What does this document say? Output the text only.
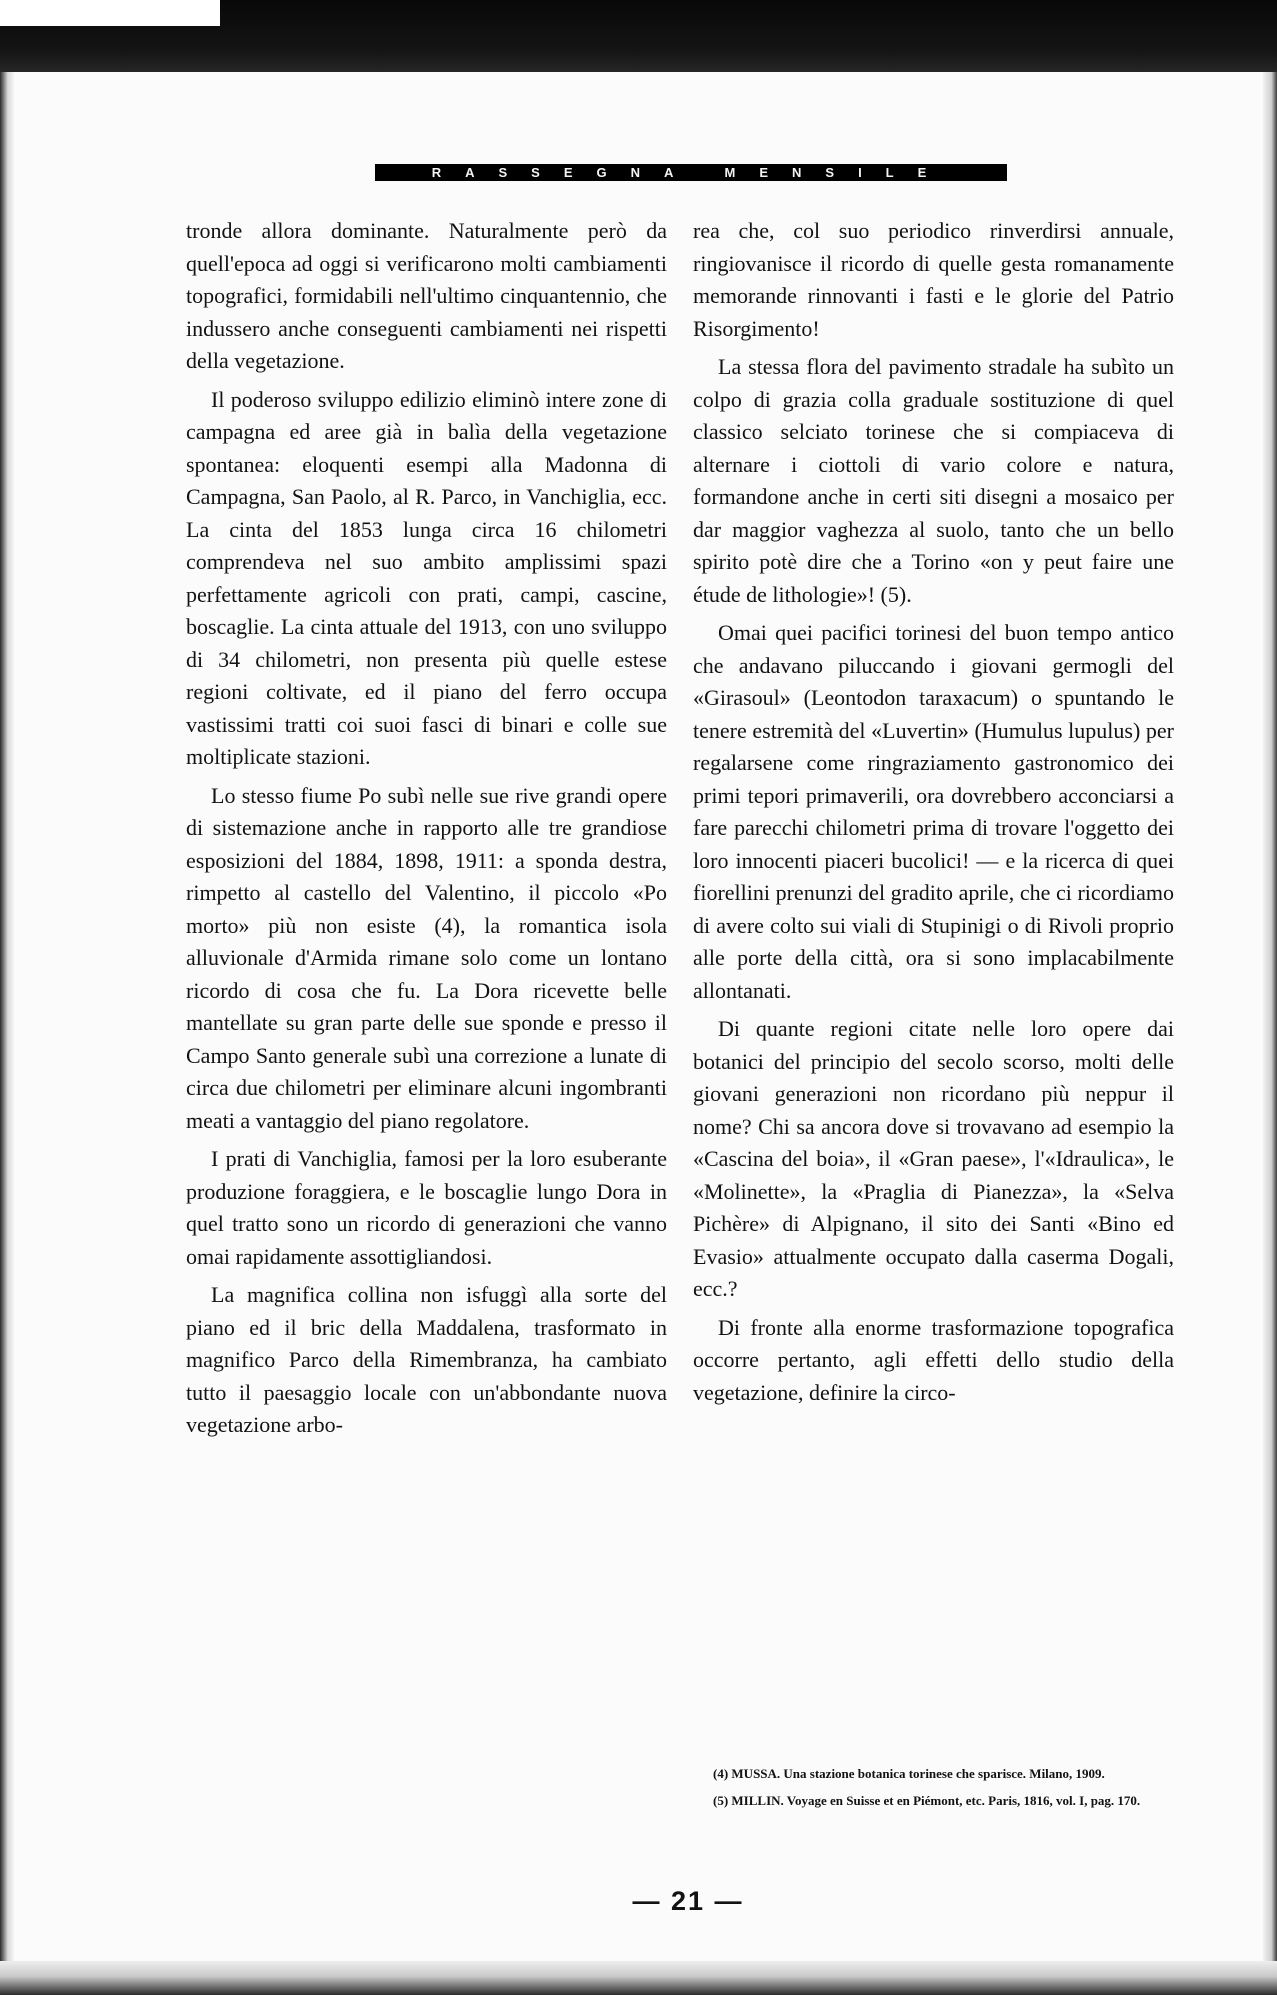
RASSEGNA MENSILE

tronde allora dominante. Naturalmente però da quell'epoca ad oggi si verificarono molti cambiamenti topografici, formidabili nell'ultimo cinquantennio, che indussero anche conseguenti cambiamenti nei rispetti della vegetazione.

Il poderoso sviluppo edilizio eliminò intere zone di campagna ed aree già in balìa della vegetazione spontanea: eloquenti esempi alla Madonna di Campagna, San Paolo, al R. Parco, in Vanchiglia, ecc. La cinta del 1853 lunga circa 16 chilometri comprendeva nel suo ambito amplissimi spazi perfettamente agricoli con prati, campi, cascine, boscaglie. La cinta attuale del 1913, con uno sviluppo di 34 chilometri, non presenta più quelle estese regioni coltivate, ed il piano del ferro occupa vastissimi tratti coi suoi fasci di binari e colle sue moltiplicate stazioni.

Lo stesso fiume Po subì nelle sue rive grandi opere di sistemazione anche in rapporto alle tre grandiose esposizioni del 1884, 1898, 1911: a sponda destra, rimpetto al castello del Valentino, il piccolo «Po morto» più non esiste (4), la romantica isola alluvionale d'Armida rimane solo come un lontano ricordo di cosa che fu. La Dora ricevette belle mantellate su gran parte delle sue sponde e presso il Campo Santo generale subì una correzione a lunate di circa due chilometri per eliminare alcuni ingombranti meati a vantaggio del piano regolatore.

I prati di Vanchiglia, famosi per la loro esuberante produzione foraggiera, e le boscaglie lungo Dora in quel tratto sono un ricordo di generazioni che vanno omai rapidamente assottigliandosi.

La magnifica collina non isfuggì alla sorte del piano ed il bric della Maddalena, trasformato in magnifico Parco della Rimembranza, ha cambiato tutto il paesaggio locale con un'abbondante nuova vegetazione arbo-

rea che, col suo periodico rinverdirsi annuale, ringiovanisce il ricordo di quelle gesta romanamente memorande rinnovanti i fasti e le glorie del Patrio Risorgimento!

La stessa flora del pavimento stradale ha subìto un colpo di grazia colla graduale sostituzione di quel classico selciato torinese che si compiaceva di alternare i ciottoli di vario colore e natura, formandone anche in certi siti disegni a mosaico per dar maggior vaghezza al suolo, tanto che un bello spirito potè dire che a Torino «on y peut faire une étude de lithologie»! (5).

Omai quei pacifici torinesi del buon tempo antico che andavano piluccando i giovani germogli del «Girasoul» (Leontodon taraxacum) o spuntando le tenere estremità del «Luvertin» (Humulus lupulus) per regalarsene come ringraziamento gastronomico dei primi tepori primaverili, ora dovrebbero acconciarsi a fare parecchi chilometri prima di trovare l'oggetto dei loro innocenti piaceri bucolici! — e la ricerca di quei fiorellini prenunzi del gradito aprile, che ci ricordiamo di avere colto sui viali di Stupinigi o di Rivoli proprio alle porte della città, ora si sono implacabilmente allontanati.

Di quante regioni citate nelle loro opere dai botanici del principio del secolo scorso, molti delle giovani generazioni non ricordano più neppur il nome? Chi sa ancora dove si trovavano ad esempio la «Cascina del boia», il «Gran paese», l'«Idraulica», le «Molinette», la «Praglia di Pianezza», la «Selva Pichère» di Alpignano, il sito dei Santi «Bino ed Evasio» attualmente occupato dalla caserma Dogali, ecc.?

Di fronte alla enorme trasformazione topografica occorre pertanto, agli effetti dello studio della vegetazione, definire la circo-

(4) MUSSA. Una stazione botanica torinese che sparisce. Milano, 1909.

(5) MILLIN. Voyage en Suisse et en Piémont, etc. Paris, 1816, vol. I, pag. 170.

— 21 —
